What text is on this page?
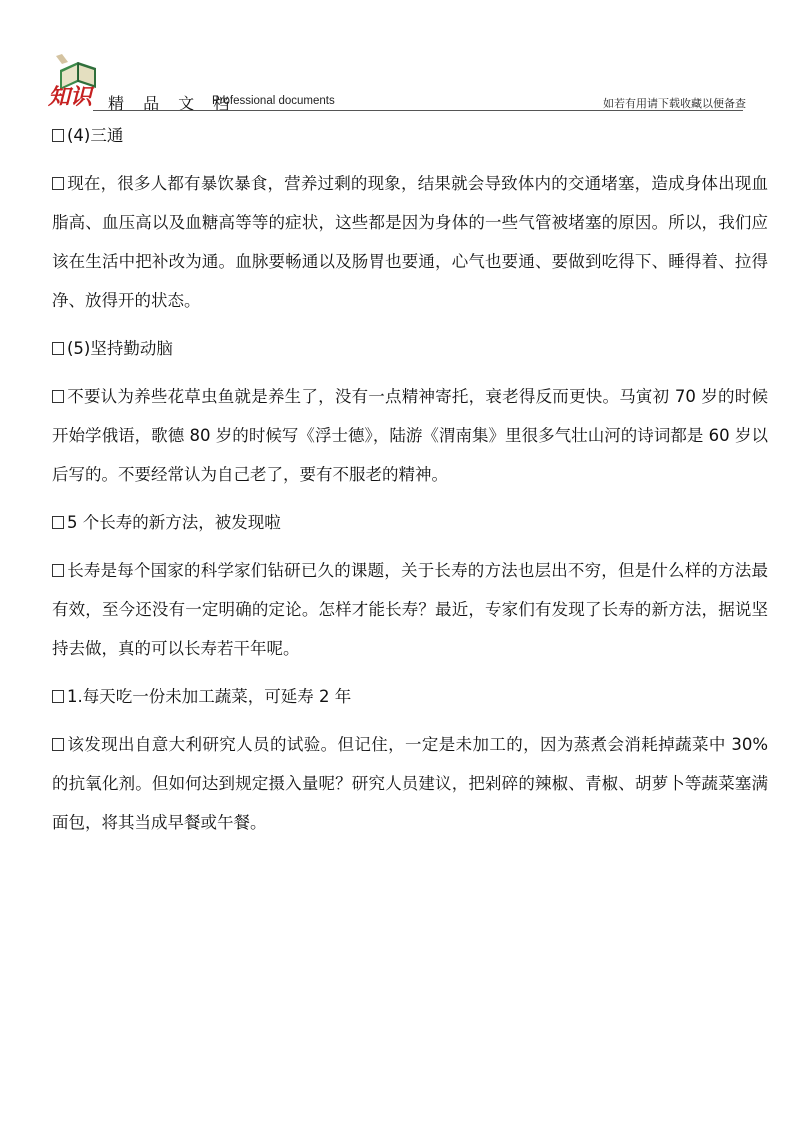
知识 精 品 文 档
Professional documents	如若有用请下载收藏以便备查

(4)三通

现在，很多人都有暴饮暴食，营养过剩的现象，结果就会导致体内的交通堵塞，造成身体出现血脂高、血压高以及血糖高等等的症状，这些都是因为身体的一些气管被堵塞的原因。所以，我们应该在生活中把补改为通。血脉要畅通以及肠胃也要通，心气也要通、要做到吃得下、睡得着、拉得净、放得开的状态。

(5)坚持勤动脑

不要认为养些花草虫鱼就是养生了，没有一点精神寄托，衰老得反而更快。马寅初 70 岁的时候开始学俄语，歌德 80 岁的时候写《浮士德》，陆游《渭南集》里很多气壮山河的诗词都是 60 岁以后写的。不要经常认为自己老了，要有不服老的精神。

5 个长寿的新方法，被发现啦

长寿是每个国家的科学家们钻研已久的课题，关于长寿的方法也层出不穷，但是什么样的方法最有效，至今还没有一定明确的定论。怎样才能长寿？最近，专家们有发现了长寿的新方法，据说坚持去做，真的可以长寿若干年呢。

1.每天吃一份未加工蔬菜，可延寿 2 年

该发现出自意大利研究人员的试验。但记住，一定是未加工的，因为蒸煮会消耗掉蔬菜中 30%的抗氧化剂。但如何达到规定摄入量呢？研究人员建议，把剁碎的辣椒、青椒、胡萝卜等蔬菜塞满面包，将其当成早餐或午餐。
